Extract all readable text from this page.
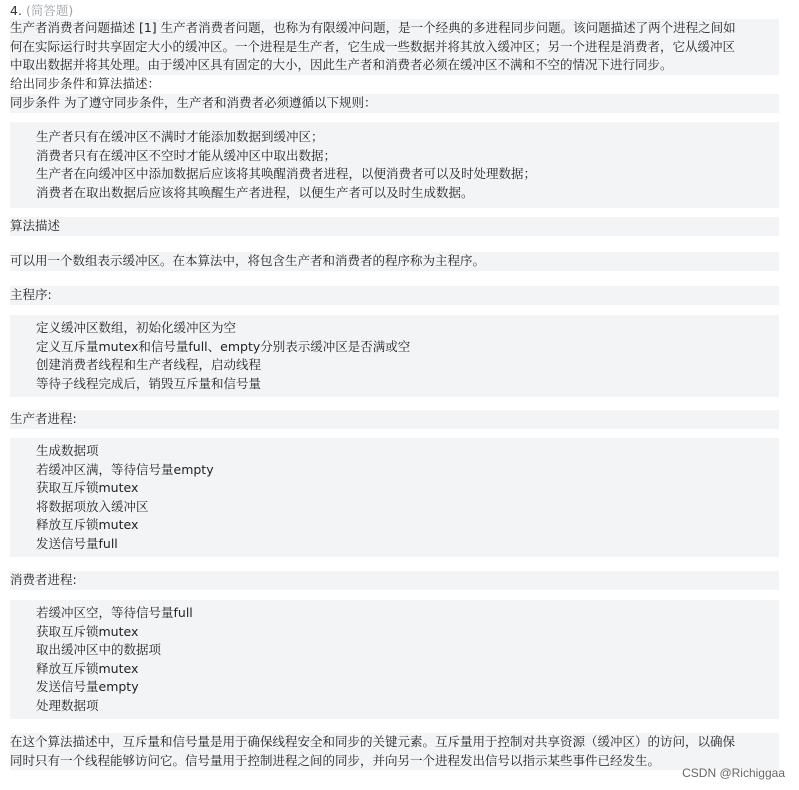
4. (简答题)
生产者消费者问题描述 [1] 生产者消费者问题，也称为有限缓冲问题，是一个经典的多进程同步问题。该问题描述了两个进程之间如
何在实际运行时共享固定大小的缓冲区。一个进程是生产者，它生成一些数据并将其放入缓冲区；另一个进程是消费者，它从缓冲区
中取出数据并将其处理。由于缓冲区具有固定的大小，因此生产者和消费者必须在缓冲区不满和不空的情况下进行同步。
给出同步条件和算法描述：
同步条件 为了遵守同步条件，生产者和消费者必须遵循以下规则：
生产者只有在缓冲区不满时才能添加数据到缓冲区；
消费者只有在缓冲区不空时才能从缓冲区中取出数据；
生产者在向缓冲区中添加数据后应该将其唤醒消费者进程，以便消费者可以及时处理数据；
消费者在取出数据后应该将其唤醒生产者进程，以便生产者可以及时生成数据。
算法描述
可以用一个数组表示缓冲区。在本算法中，将包含生产者和消费者的程序称为主程序。
主程序:
定义缓冲区数组，初始化缓冲区为空
定义互斥量mutex和信号量full、empty分别表示缓冲区是否满或空
创建消费者线程和生产者线程，启动线程
等待子线程完成后，销毁互斥量和信号量
生产者进程:
生成数据项
若缓冲区满，等待信号量empty
获取互斥锁mutex
将数据项放入缓冲区
释放互斥锁mutex
发送信号量full
消费者进程:
若缓冲区空，等待信号量full
获取互斥锁mutex
取出缓冲区中的数据项
释放互斥锁mutex
发送信号量empty
处理数据项
在这个算法描述中，互斥量和信号量是用于确保线程安全和同步的关键元素。互斥量用于控制对共享资源（缓冲区）的访问，以确保
同时只有一个线程能够访问它。信号量用于控制进程之间的同步，并向另一个进程发出信号以指示某些事件已经发生。
CSDN @Richiggaa
